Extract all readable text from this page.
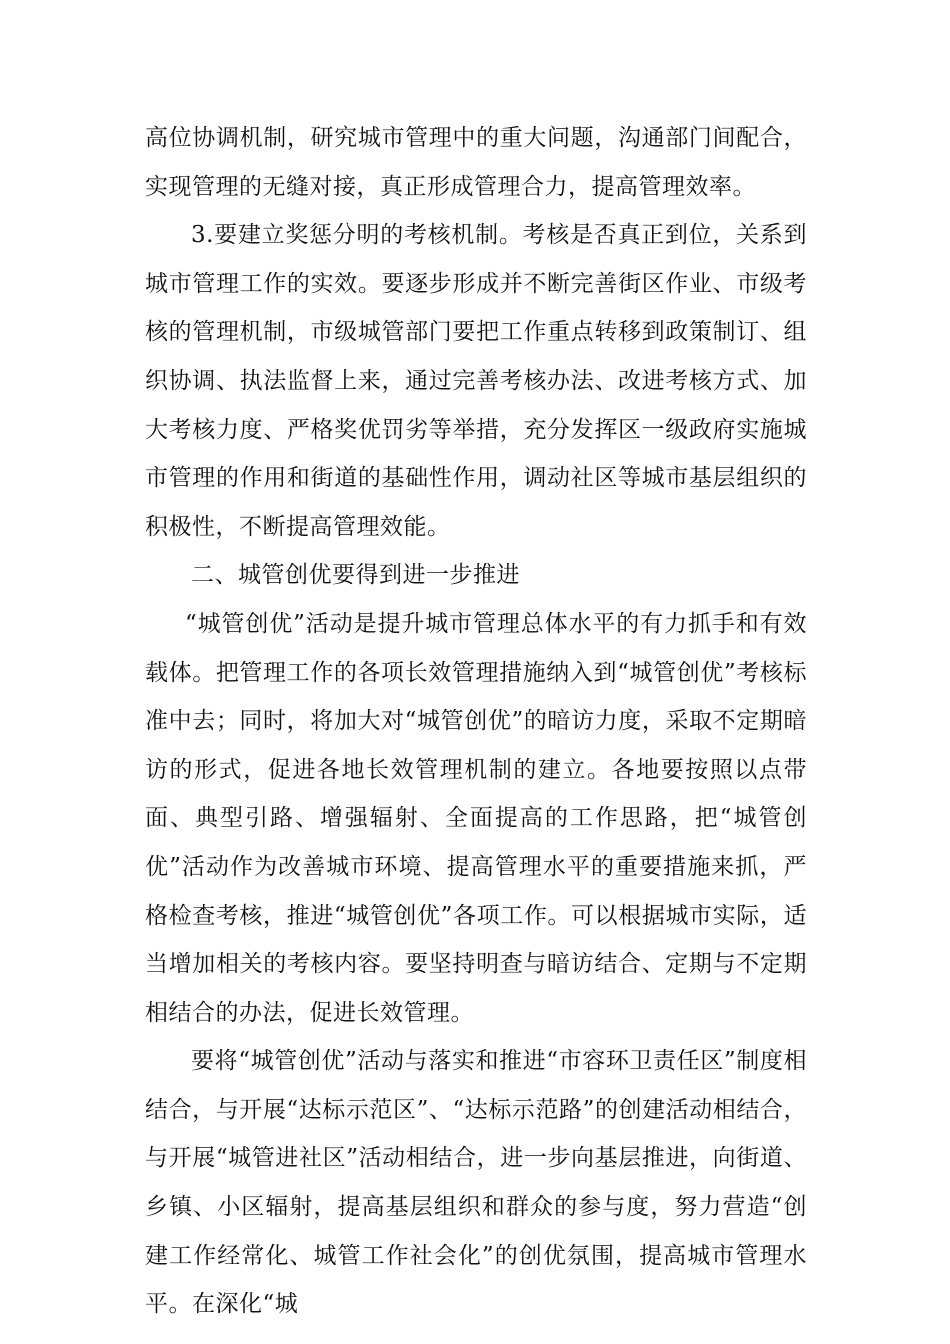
高位协调机制，研究城市管理中的重大问题，沟通部门间配合，实现管理的无缝对接，真正形成管理合力，提高管理效率。

3.要建立奖惩分明的考核机制。考核是否真正到位，关系到城市管理工作的实效。要逐步形成并不断完善街区作业、市级考核的管理机制，市级城管部门要把工作重点转移到政策制订、组织协调、执法监督上来，通过完善考核办法、改进考核方式、加大考核力度、严格奖优罚劣等举措，充分发挥区一级政府实施城市管理的作用和街道的基础性作用，调动社区等城市基层组织的积极性，不断提高管理效能。

二、城管创优要得到进一步推进

“城管创优”活动是提升城市管理总体水平的有力抓手和有效载体。把管理工作的各项长效管理措施纳入到“城管创优”考核标准中去；同时，将加大对“城管创优”的暗访力度，采取不定期暗访的形式，促进各地长效管理机制的建立。各地要按照以点带面、典型引路、增强辐射、全面提高的工作思路，把“城管创优”活动作为改善城市环境、提高管理水平的重要措施来抓，严格检查考核，推进“城管创优”各项工作。可以根据城市实际，适当增加相关的考核内容。要坚持明查与暗访结合、定期与不定期相结合的办法，促进长效管理。

要将“城管创优”活动与落实和推进“市容环卫责任区”制度相结合，与开展“达标示范区”、“达标示范路”的创建活动相结合，与开展“城管进社区”活动相结合，进一步向基层推进，向街道、乡镇、小区辐射，提高基层组织和群众的参与度，努力营造“创建工作经常化、城管工作社会化”的创优氛围，提高城市管理水平。在深化“城
